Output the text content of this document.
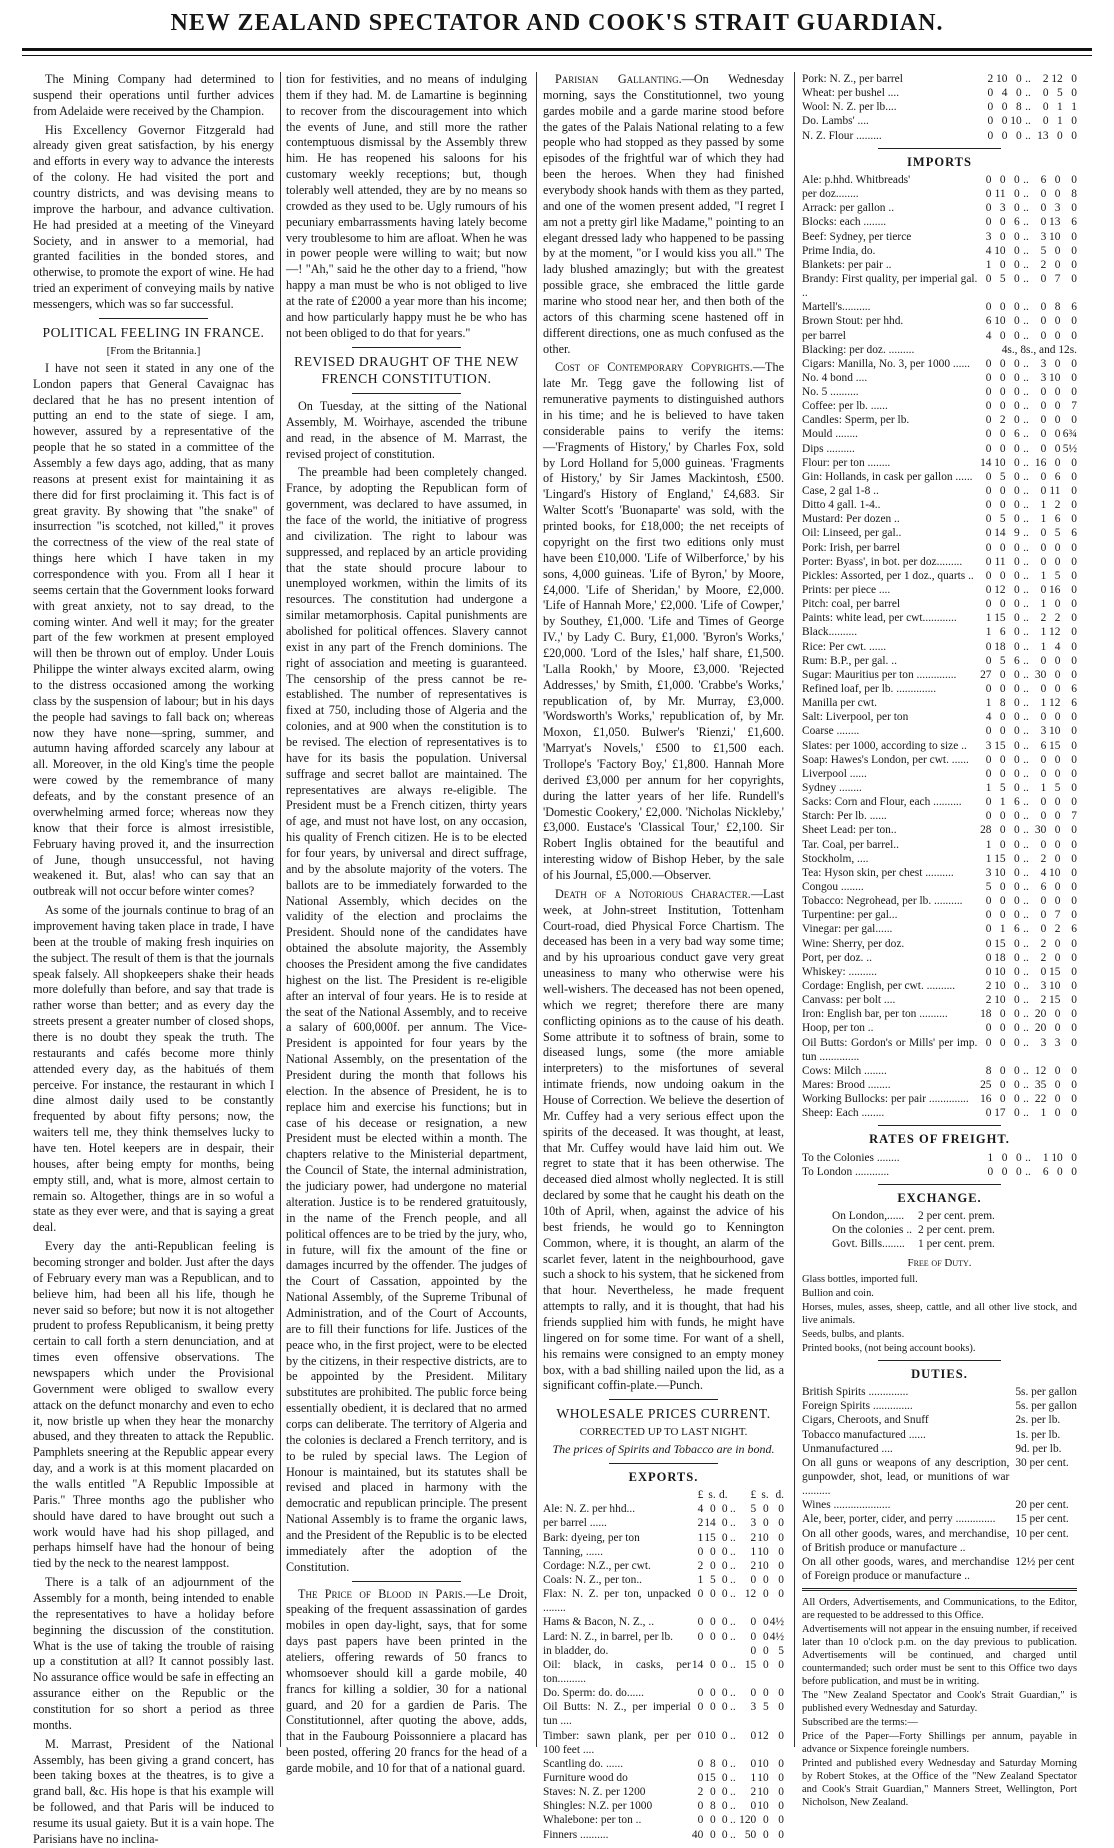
NEW ZEALAND SPECTATOR AND COOK'S STRAIT GUARDIAN.

The Mining Company had determined to suspend their operations until further advices from Adelaide were received by the Champion.

His Excellency Governor Fitzgerald had already given great satisfaction, by his energy and efforts in every way to advance the interests of the colony. He had visited the port and country districts, and was devising means to improve the harbour, and advance cultivation. He had presided at a meeting of the Vineyard Society, and in answer to a memorial, had granted facilities in the bonded stores, and otherwise, to promote the export of wine. He had tried an experiment of conveying mails by native messengers, which was so far successful.

POLITICAL FEELING IN FRANCE.
[From the Britannia.]

I have not seen it stated in any one of the London papers that General Cavaignac has declared that he has no present intention of putting an end to the state of siege. I am, however, assured by a representative of the people that he so stated in a committee of the Assembly a few days ago, adding, that as many reasons at present exist for maintaining it as there did for first proclaiming it. This fact is of great gravity. By showing that "the snake" of insurrection "is scotched, not killed," it proves the correctness of the view of the real state of things here which I have taken in my correspondence with you. From all I hear it seems certain that the Government looks forward with great anxiety, not to say dread, to the coming winter. And well it may; for the greater part of the few workmen at present employed will then be thrown out of employ. Under Louis Philippe the winter always excited alarm, owing to the distress occasioned among the working class by the suspension of labour; but in his days the people had savings to fall back on; whereas now they have none—spring, summer, and autumn having afforded scarcely any labour at all. Moreover, in the old King's time the people were cowed by the remembrance of many defeats, and by the constant presence of an overwhelming armed force; whereas now they know that their force is almost irresistible, February having proved it, and the insurrection of June, though unsuccessful, not having weakened it. But, alas! who can say that an outbreak will not occur before winter comes?

As some of the journals continue to brag of an improvement having taken place in trade, I have been at the trouble of making fresh inquiries on the subject. The result of them is that the journals speak falsely. All shopkeepers shake their heads more dolefully than before, and say that trade is rather worse than better; and as every day the streets present a greater number of closed shops, there is no doubt they speak the truth. The restaurants and cafés become more thinly attended every day, as the habitués of them perceive. For instance, the restaurant in which I dine almost daily used to be constantly frequented by about fifty persons; now, the waiters tell me, they think themselves lucky to have ten. Hotel keepers are in despair, their houses, after being empty for months, being empty still, and, what is more, almost certain to remain so. Altogether, things are in so woful a state as they ever were, and that is saying a great deal.

Every day the anti-Republican feeling is becoming stronger and bolder. Just after the days of February every man was a Republican, and to believe him, had been all his life, though he never said so before; but now it is not altogether prudent to profess Republicanism, it being pretty certain to call forth a stern denunciation, and at times even offensive observations. The newspapers which under the Provisional Government were obliged to swallow every attack on the defunct monarchy and even to echo it, now bristle up when they hear the monarchy abused, and they threaten to attack the Republic. Pamphlets sneering at the Republic appear every day, and a work is at this moment placarded on the walls entitled "A Republic Impossible at Paris." Three months ago the publisher who should have dared to have brought out such a work would have had his shop pillaged, and perhaps himself have had the honour of being tied by the neck to the nearest lamppost.

There is a talk of an adjournment of the Assembly for a month, being intended to enable the representatives to have a holiday before beginning the discussion of the constitution. What is the use of taking the trouble of raising up a constitution at all? It cannot possibly last. No assurance office would be safe in effecting an assurance either on the Republic or the constitution for so short a period as three months.

M. Marrast, President of the National Assembly, has been giving a grand concert, has been taking boxes at the theatres, is to give a grand ball, &c. His hope is that his example will be followed, and that Paris will be induced to resume its usual gaiety. But it is a vain hope. The Parisians have no inclina-

tion for festivities, and no means of indulging them if they had. M. de Lamartine is beginning to recover from the discouragement into which the events of June, and still more the rather contemptuous dismissal by the Assembly threw him. He has reopened his saloons for his customary weekly receptions; but, though tolerably well attended, they are by no means so crowded as they used to be. Ugly rumours of his pecuniary embarrassments having lately become very troublesome to him are afloat. When he was in power people were willing to wait; but now—! "Ah," said he the other day to a friend, "how happy a man must be who is not obliged to live at the rate of £2000 a year more than his income; and how particularly happy must he be who has not been obliged to do that for years."

REVISED DRAUGHT OF THE NEW FRENCH CONSTITUTION.

On Tuesday, at the sitting of the National Assembly, M. Woirhaye, ascended the tribune and read, in the absence of M. Marrast, the revised project of constitution.

The preamble had been completely changed. France, by adopting the Republican form of government, was declared to have assumed, in the face of the world, the initiative of progress and civilization. The right to labour was suppressed, and replaced by an article providing that the state should procure labour to unemployed workmen, within the limits of its resources. The constitution had undergone a similar metamorphosis. Capital punishments are abolished for political offences. Slavery cannot exist in any part of the French dominions. The right of association and meeting is guaranteed. The censorship of the press cannot be re-established. The number of representatives is fixed at 750, including those of Algeria and the colonies, and at 900 when the constitution is to be revised. The election of representatives is to have for its basis the population. Universal suffrage and secret ballot are maintained. The representatives are always re-eligible. The President must be a French citizen, thirty years of age, and must not have lost, on any occasion, his quality of French citizen. He is to be elected for four years, by universal and direct suffrage, and by the absolute majority of the voters. The ballots are to be immediately forwarded to the National Assembly, which decides on the validity of the election and proclaims the President. Should none of the candidates have obtained the absolute majority, the Assembly chooses the President among the five candidates highest on the list. The President is re-eligible after an interval of four years. He is to reside at the seat of the National Assembly, and to receive a salary of 600,000f. per annum. The Vice-President is appointed for four years by the National Assembly, on the presentation of the President during the month that follows his election. In the absence of President, he is to replace him and exercise his functions; but in case of his decease or resignation, a new President must be elected within a month. The chapters relative to the Ministerial department, the Council of State, the internal administration, the judiciary power, had undergone no material alteration. Justice is to be rendered gratuitously, in the name of the French people, and all political offences are to be tried by the jury, who, in future, will fix the amount of the fine or damages incurred by the offender. The judges of the Court of Cassation, appointed by the National Assembly, of the Supreme Tribunal of Administration, and of the Court of Accounts, are to fill their functions for life. Justices of the peace who, in the first project, were to be elected by the citizens, in their respective districts, are to be appointed by the President. Military substitutes are prohibited. The public force being essentially obedient, it is declared that no armed corps can deliberate. The territory of Algeria and the colonies is declared a French territory, and is to be ruled by special laws. The Legion of Honour is maintained, but its statutes shall be revised and placed in harmony with the democratic and republican principle. The present National Assembly is to frame the organic laws, and the President of the Republic is to be elected immediately after the adoption of the Constitution.

The Price of Blood in Paris.—Le Droit, speaking of the frequent assassination of gardes mobiles in open day-light, says, that for some days past papers have been printed in the ateliers, offering rewards of 50 francs to whomsoever should kill a garde mobile, 40 francs for killing a soldier, 30 for a national guard, and 20 for a gardien de Paris. The Constitutionnel, after quoting the above, adds, that in the Faubourg Poissonniere a placard has been posted, offering 20 francs for the head of a garde mobile, and 10 for that of a national guard.

Parisian Gallanting.—On Wednesday morning, says the Constitutionnel, two young gardes mobile and a garde marine stood before the gates of the Palais National relating to a few people who had stopped as they passed by some episodes of the frightful war of which they had been the heroes. When they had finished everybody shook hands with them as they parted, and one of the women present added, "I regret I am not a pretty girl like Madame," pointing to an elegant dressed lady who happened to be passing by at the moment, "or I would kiss you all." The lady blushed amazingly; but with the greatest possible grace, she embraced the little garde marine who stood near her, and then both of the actors of this charming scene hastened off in different directions, one as much confused as the other.

Cost of Contemporary Copyrights.—The late Mr. Tegg gave the following list of remunerative payments to distinguished authors in his time; and he is believed to have taken considerable pains to verify the items: —'Fragments of History,' by Charles Fox, sold by Lord Holland for 5,000 guineas. 'Fragments of History,' by Sir James Mackintosh, £500. 'Lingard's History of England,' £4,683. Sir Walter Scott's 'Buonaparte' was sold, with the printed books, for £18,000; the net receipts of copyright on the first two editions only must have been £10,000. 'Life of Wilberforce,' by his sons, 4,000 guineas. 'Life of Byron,' by Moore, £4,000. 'Life of Sheridan,' by Moore, £2,000. 'Life of Hannah More,' £2,000. 'Life of Cowper,' by Southey, £1,000. 'Life and Times of George IV.,' by Lady C. Bury, £1,000. 'Byron's Works,' £20,000. 'Lord of the Isles,' half share, £1,500. 'Lalla Rookh,' by Moore, £3,000. 'Rejected Addresses,' by Smith, £1,000. 'Crabbe's Works,' republication of, by Mr. Murray, £3,000. 'Wordsworth's Works,' republication of, by Mr. Moxon, £1,050. Bulwer's 'Rienzi,' £1,600. 'Marryat's Novels,' £500 to £1,500 each. Trollope's 'Factory Boy,' £1,800. Hannah More derived £3,000 per annum for her copyrights, during the latter years of her life. Rundell's 'Domestic Cookery,' £2,000. 'Nicholas Nickleby,' £3,000. Eustace's 'Classical Tour,' £2,100. Sir Robert Inglis obtained for the beautiful and interesting widow of Bishop Heber, by the sale of his Journal, £5,000.—Observer.

Death of a Notorious Character.—Last week, at John-street Institution, Tottenham Court-road, died Physical Force Chartism. The deceased has been in a very bad way some time; and by his uproarious conduct gave very great uneasiness to many who otherwise were his well-wishers. The deceased has not been opened, which we regret; therefore there are many conflicting opinions as to the cause of his death. Some attribute it to softness of brain, some to diseased lungs, some (the more amiable interpreters) to the misfortunes of several intimate friends, now undoing oakum in the House of Correction. We believe the desertion of Mr. Cuffey had a very serious effect upon the spirits of the deceased. It was thought, at least, that Mr. Cuffey would have laid him out. We regret to state that it has been otherwise. The deceased died almost wholly neglected. It is still declared by some that he caught his death on the 10th of April, when, against the advice of his best friends, he would go to Kennington Common, where, it is thought, an alarm of the scarlet fever, latent in the neighbourhood, gave such a shock to his system, that he sickened from that hour. Nevertheless, he made frequent attempts to rally, and it is thought, that had his friends supplied him with funds, he might have lingered on for some time. For want of a shell, his remains were consigned to an empty money box, with a bad shilling nailed upon the lid, as a significant coffin-plate.—Punch.

WHOLESALE PRICES CURRENT.
CORRECTED UP TO LAST NIGHT.
The prices of Spirits and Tobacco are in bond.
EXPORTS.
	£	s.	d.		£	s.	d.
Ale: N. Z. per hhd...	4	0	0	..	5	0	0
per barrel ......	2	14	0	..	3	0	0
Bark: dyeing, per ton	1	15	0	..	2	10	0
Tanning, ......	0	0	0	..	1	10	0
Cordage: N.Z., per cwt.	2	0	0	..	2	10	0
Coals: N. Z., per ton..	1	5	0	..	0	0	0
Flax: N. Z. per ton, unpacked ........	0	0	0	..	12	0	0
Hams & Bacon, N. Z., ..	0	0	0	..	0	0	4½
Lard: N. Z., in barrel, per lb.	0	0	0	..	0	0	4½
in bladder, do.					0	0	5
Oil: black, in casks, per ton..........	14	0	0	..	15	0	0
Do. Sperm: do. do......	0	0	0	..	0	0	0
Oil Butts: N. Z., per imperial tun ....	0	0	0	..	3	5	0
Timber: sawn plank, per per 100 feet ....	0	10	0	..	0	12	0
Scantling do. ......	0	8	0	..	0	10	0
Furniture wood do	0	15	0	..	1	10	0
Staves: N. Z. per 1200	2	0	0	..	2	10	0
Shingles: N.Z. per 1000	0	8	0	..	0	10	0
Whalebone: per ton ..	0	0	0	..	120	0	0
Finners ..........	40	0	0	..	50	0	0
Pork: N. Z., per barrel	2	10	0	..	2	12	0
Wheat: per bushel ....	0	4	0	..	0	5	0
Wool: N. Z. per lb....	0	0	8	..	0	1	1
Do. Lambs' ....	0	0	10	..	0	1	0
N. Z. Flour .........	0	0	0	..	13	0	0
IMPORTS
Ale: p.hhd. Whitbreads'	0	0	0	..	6	0	0
per doz........	0	11	0	..	0	0	8
Arrack: per gallon ..	0	3	0	..	0	3	0
Blocks: each ........	0	0	6	..	0	13	6
Beef: Sydney, per tierce	3	0	0	..	3	10	0
Prime India, do.	4	10	0	..	5	0	0
Blankets: per pair ..	1	0	0	..	2	0	0
Brandy: First quality, per imperial gal. ..	0	5	0	..	0	7	0
Martell's..........	0	0	0	..	0	8	6
Brown Stout: per hhd.	6	10	0	..	0	0	0
per barrel	4	0	0	..	0	0	0
Blacking: per doz. .........	4s., 8s., and 12s.						
Cigars: Manilla, No. 3, per 1000 ......	0	0	0	..	3	0	0
No. 4 bond ....	0	0	0	..	3	10	0
No. 5 ..........	0	0	0	..	0	0	0
Coffee: per lb. ......	0	0	0	..	0	0	7
Candles: Sperm, per lb.	0	2	0	..	0	0	0
Mould ........	0	0	6	..	0	0	6¾
Dips ..........	0	0	0	..	0	0	5½
Flour: per ton ........	14	10	0	..	16	0	0
Gin: Hollands, in cask per gallon ......	0	5	0	..	0	6	0
Case, 2 gal 1-8 ..	0	0	0	..	0	11	0
Ditto 4 gall. 1-4..	0	0	0	..	1	2	0
Mustard: Per dozen ..	0	5	0	..	1	6	0
Oil: Linseed, per gal..	0	14	9	..	0	5	6
Pork: Irish, per barrel	0	0	0	..	0	0	0
Porter: Byass', in bot. per doz.........	0	11	0	..	0	0	0
Pickles: Assorted, per 1 doz., quarts ..	0	0	0	..	1	5	0
Prints: per piece ....	0	12	0	..	0	16	0
Pitch: coal, per barrel	0	0	0	..	1	0	0
Paints: white lead, per cwt............	1	15	0	..	2	2	0
Black..........	1	6	0	..	1	12	0
Rice: Per cwt. ......	0	18	0	..	1	4	0
Rum: B.P., per gal. ..	0	5	6	..	0	0	0
Sugar: Mauritius per ton ..............	27	0	0	..	30	0	0
Refined loaf, per lb. ..............	0	0	0	..	0	0	6
Manilla per cwt.	1	8	0	..	1	12	6
Salt: Liverpool, per ton	4	0	0	..	0	0	0
Coarse ........	0	0	0	..	3	10	0
Slates: per 1000, according to size ..	3	15	0	..	6	15	0
Soap: Hawes's London, per cwt. ......	0	0	0	..	0	0	0
Liverpool ......	0	0	0	..	0	0	0
Sydney ........	1	5	0	..	1	5	0
Sacks: Corn and Flour, each ..........	0	1	6	..	0	0	0
Starch: Per lb. ......	0	0	0	..	0	0	7
Sheet Lead: per ton..	28	0	0	..	30	0	0
Tar. Coal, per barrel..	1	0	0	..	0	0	0
Stockholm, ....	1	15	0	..	2	0	0
Tea: Hyson skin, per chest ..........	3	10	0	..	4	10	0
Congou ........	5	0	0	..	6	0	0
Tobacco: Negrohead, per lb. ..........	0	0	0	..	0	0	0
Turpentine: per gal...	0	0	0	..	0	7	0
Vinegar: per gal......	0	1	6	..	0	2	6
Wine: Sherry, per doz.	0	15	0	..	2	0	0
Port, per doz. ..	0	18	0	..	2	0	0
Whiskey: ..........	0	10	0	..	0	15	0
Cordage: English, per cwt. ..........	2	10	0	..	3	10	0
Canvass: per bolt ....	2	10	0	..	2	15	0
Iron: English bar, per ton ..........	18	0	0	..	20	0	0
Hoop, per ton ..	0	0	0	..	20	0	0
Oil Butts: Gordon's or Mills' per imp. tun ..............	0	0	0	..	3	3	0
Cows: Milch ........	8	0	0	..	12	0	0
Mares: Brood ........	25	0	0	..	35	0	0
Working Bullocks: per pair ..............	16	0	0	..	22	0	0
Sheep: Each ........	0	17	0	..	1	0	0
RATES OF FREIGHT.
To the Colonies ........	1	0	0	..	1	10	0
To London ............	0	0	0	..	6	0	0
EXCHANGE.
On London,......	2 per cent. prem.
On the colonies ..	2 per cent. prem.
Govt. Bills........	1 per cent. prem.
Free of Duty.
Glass bottles, imported full.
Bullion and coin.
Horses, mules, asses, sheep, cattle, and all other live stock, and live animals.
Seeds, bulbs, and plants.
Printed books, (not being account books).
DUTIES.
British Spirits ..............	5s. per gallon
Foreign Spirits ..............	5s. per gallon
Cigars, Cheroots, and Snuff	2s. per lb.
Tobacco manufactured ......	1s. per lb.
Unmanufactured ....	9d. per lb.
On all guns or weapons of any description, gunpowder, shot, lead, or munitions of war ..........	30 per cent.
Wines ....................	20 per cent.
Ale, beer, porter, cider, and perry ..............	15 per cent.
On all other goods, wares, and merchandise, of British produce or manufacture ..	10 per cent.
On all other goods, wares, and merchandise of Foreign produce or manufacture ..	12½ per cent
All Orders, Advertisements, and Communications, to the Editor, are requested to be addressed to this Office.
Advertisements will not appear in the ensuing number, if received later than 10 o'clock p.m. on the day previous to publication. Advertisements will be continued, and charged until countermanded; such order must be sent to this Office two days before publication, and must be in writing.
The "New Zealand Spectator and Cook's Strait Guardian," is published every Wednesday and Saturday.
Subscribed are the terms:—
Price of the Paper—Forty Shillings per annum, payable in advance or Sixpence foreingle numbers.
Printed and published every Wednesday and Saturday Morning by Robert Stokes, at the Office of the "New Zealand Spectator and Cook's Strait Guardian," Manners Street, Wellington, Port Nicholson, New Zealand.
